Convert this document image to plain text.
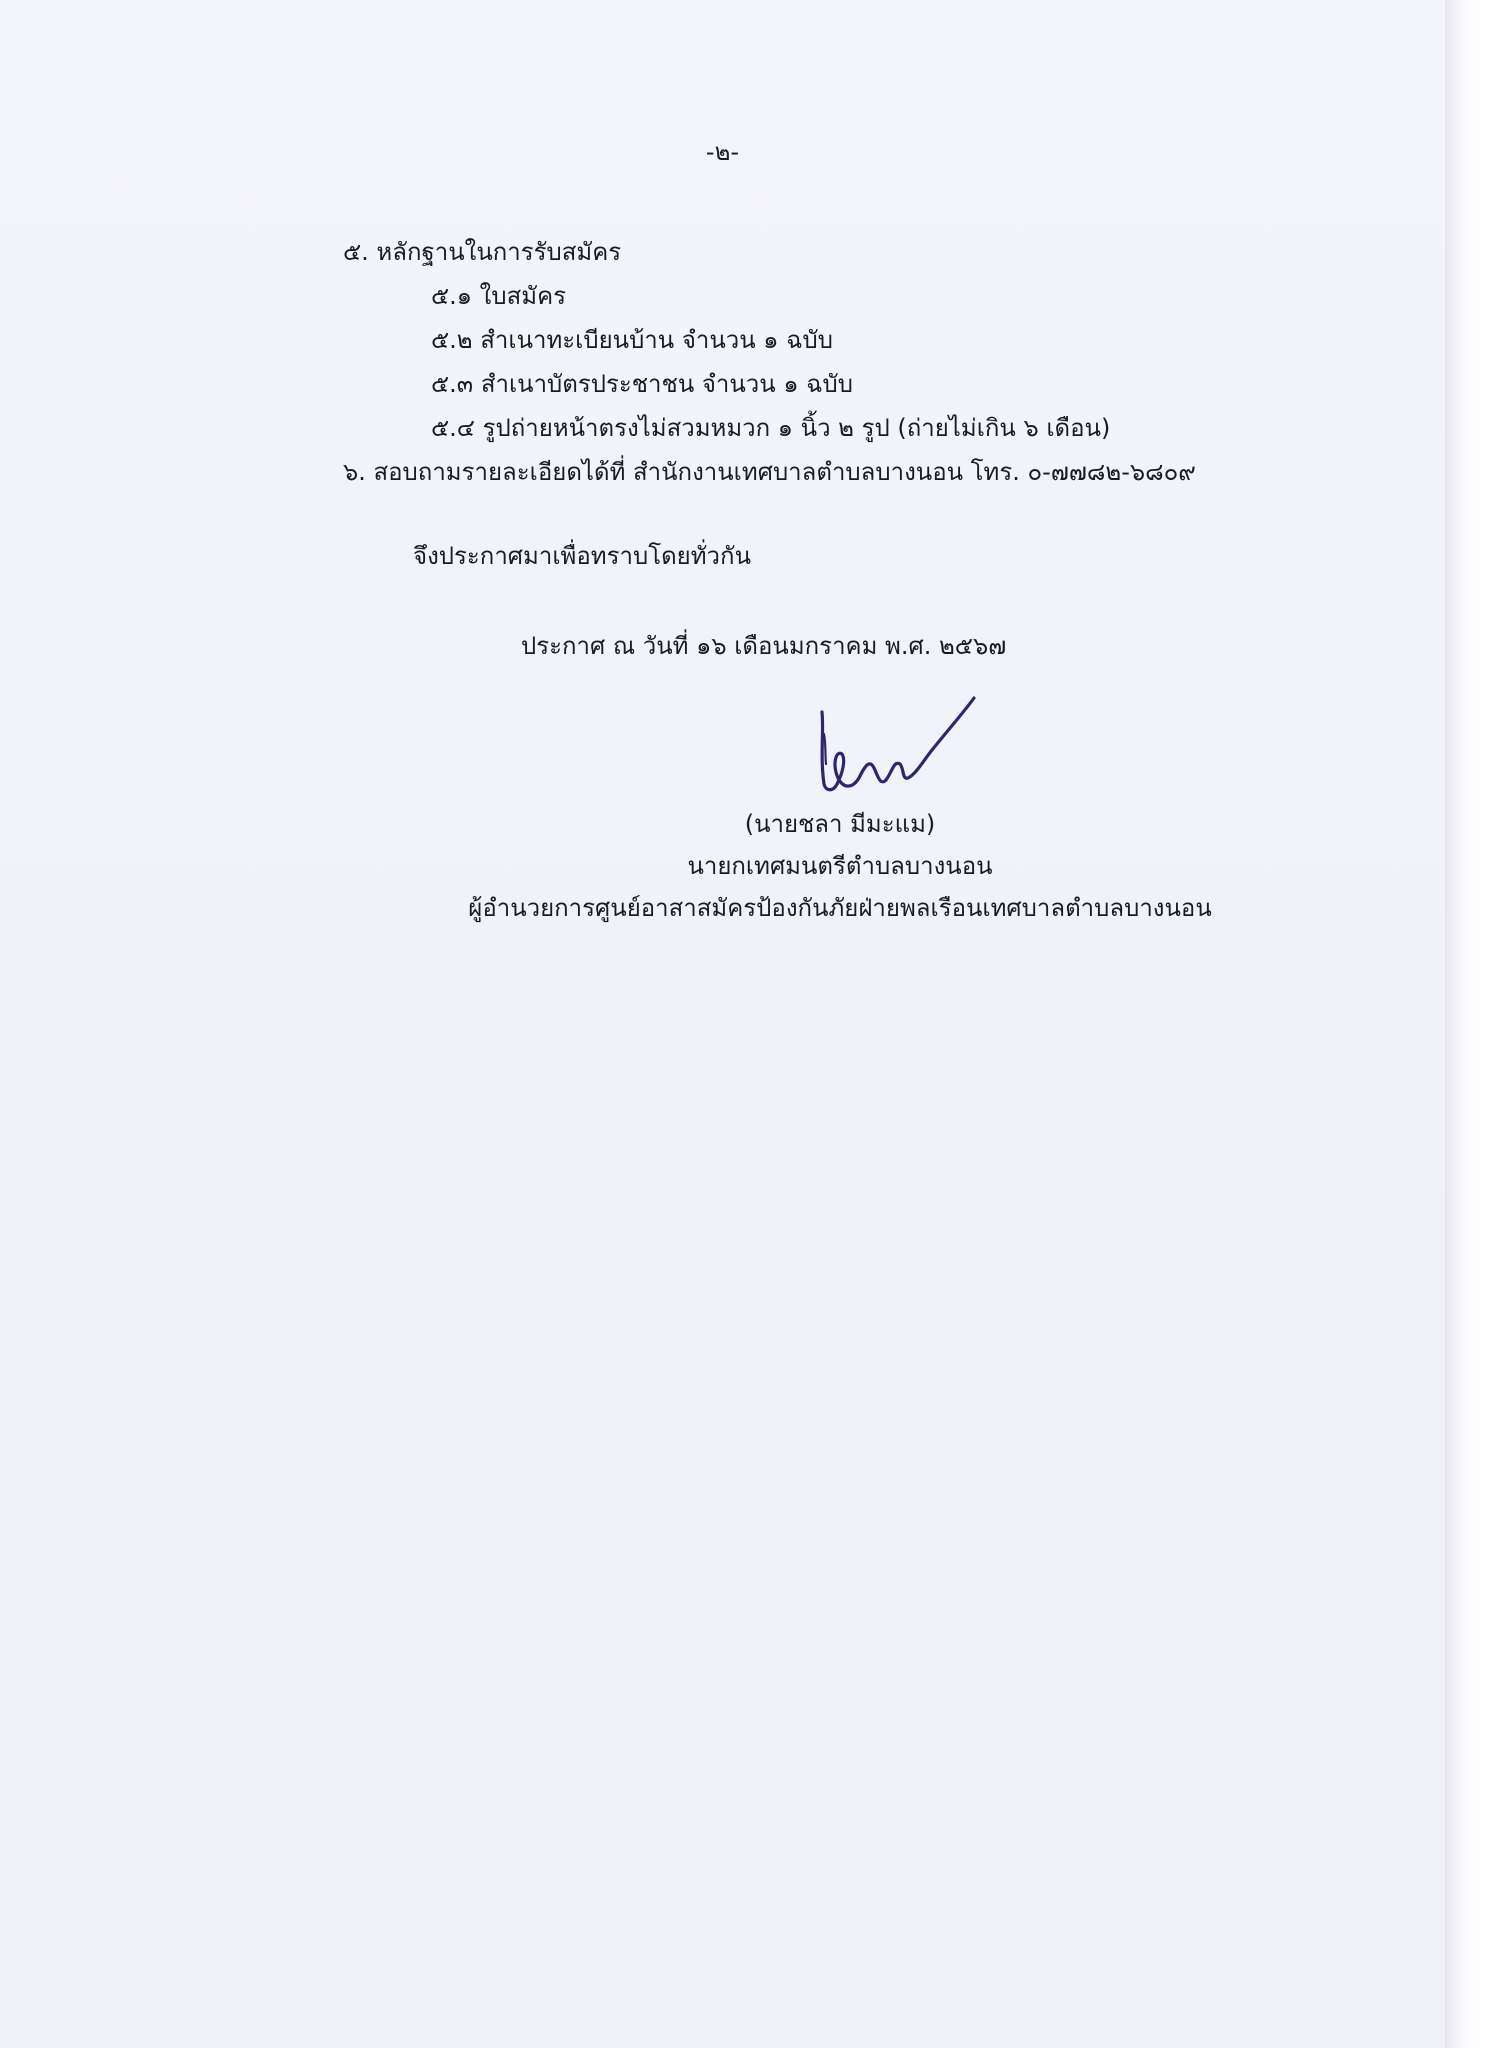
-๒-
๕. หลักฐานในการรับสมัคร
๕.๑ ใบสมัคร
๕.๒ สำเนาทะเบียนบ้าน จำนวน ๑ ฉบับ
๕.๓ สำเนาบัตรประชาชน จำนวน ๑ ฉบับ
๕.๔ รูปถ่ายหน้าตรงไม่สวมหมวก ๑ นิ้ว ๒ รูป (ถ่ายไม่เกิน ๖ เดือน)
๖. สอบถามรายละเอียดได้ที่ สำนักงานเทศบาลตำบลบางนอน โทร. ๐-๗๗๘๒-๖๘๐๙
จึงประกาศมาเพื่อทราบโดยทั่วกัน
ประกาศ ณ วันที่ ๑๖ เดือนมกราคม พ.ศ. ๒๕๖๗
(นายชลา มีมะแม)
นายกเทศมนตรีตำบลบางนอน
ผู้อำนวยการศูนย์อาสาสมัครป้องกันภัยฝ่ายพลเรือนเทศบาลตำบลบางนอน
